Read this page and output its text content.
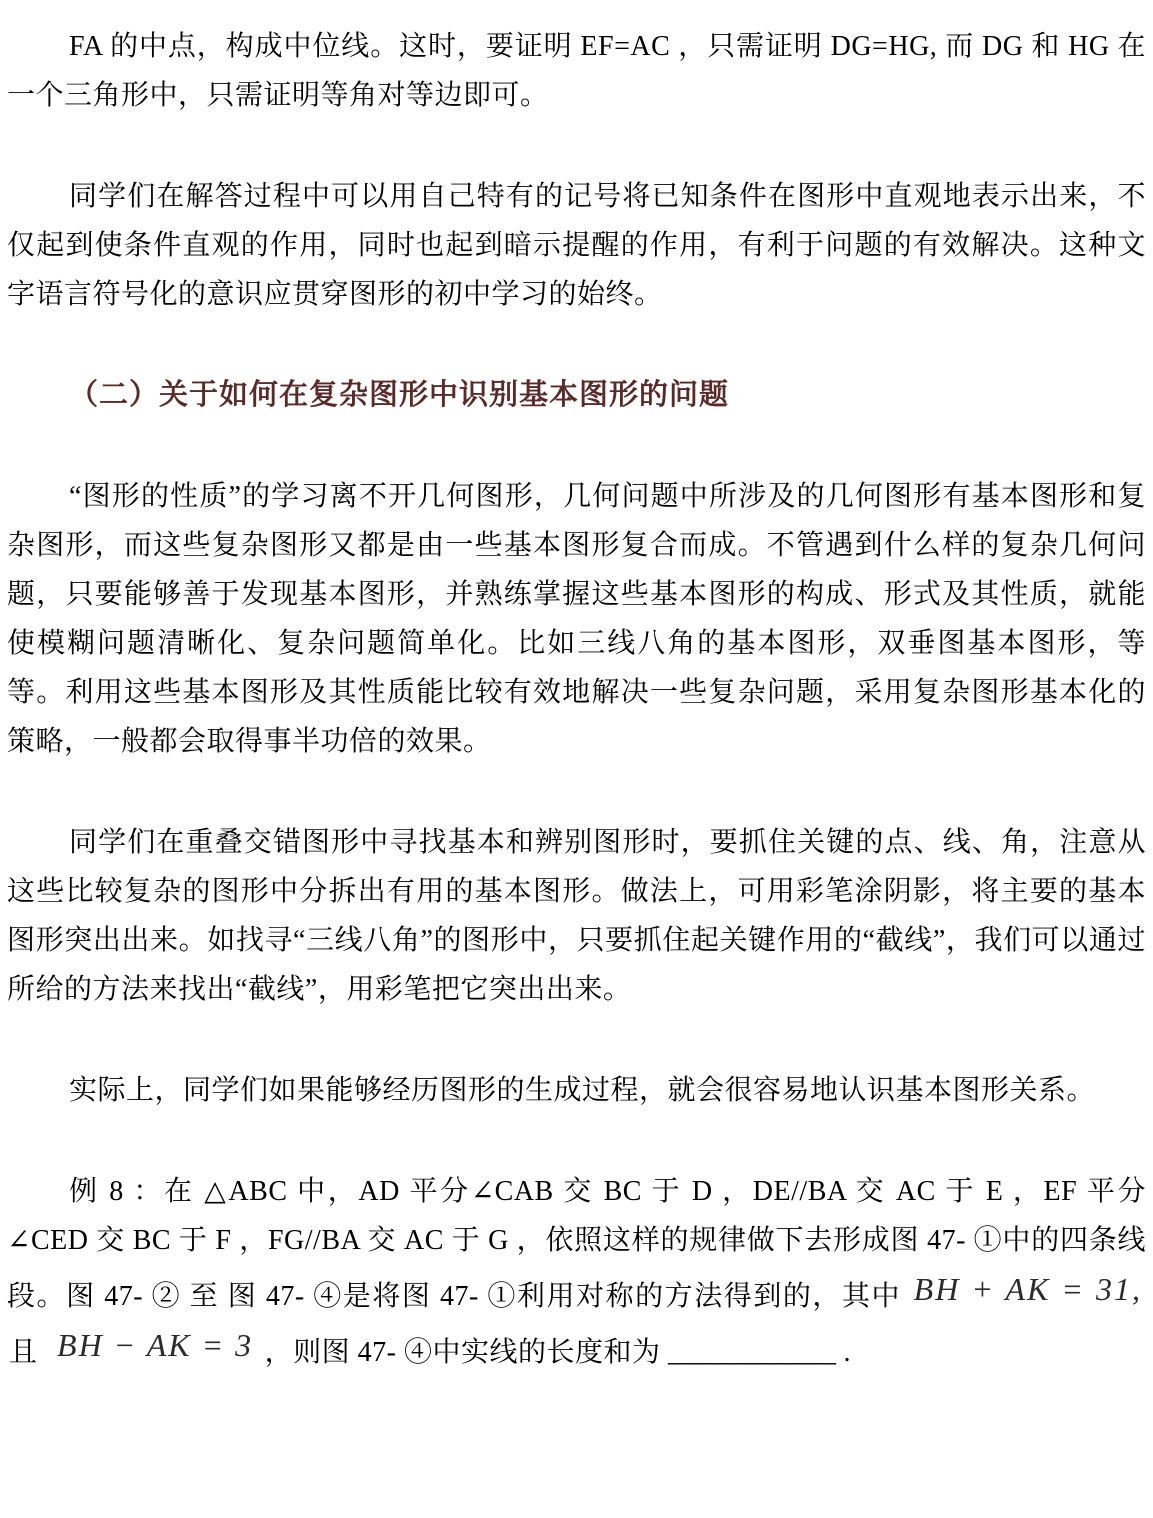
FA 的中点，构成中位线。这时，要证明 EF=AC ，只需证明 DG=HG, 而 DG 和 HG 在一个三角形中，只需证明等角对等边即可。

同学们在解答过程中可以用自己特有的记号将已知条件在图形中直观地表示出来，不仅起到使条件直观的作用，同时也起到暗示提醒的作用，有利于问题的有效解决。这种文字语言符号化的意识应贯穿图形的初中学习的始终。

（二）关于如何在复杂图形中识别基本图形的问题

“图形的性质”的学习离不开几何图形，几何问题中所涉及的几何图形有基本图形和复杂图形，而这些复杂图形又都是由一些基本图形复合而成。不管遇到什么样的复杂几何问题，只要能够善于发现基本图形，并熟练掌握这些基本图形的构成、形式及其性质，就能使模糊问题清晰化、复杂问题简单化。比如三线八角的基本图形，双垂图基本图形，等等。利用这些基本图形及其性质能比较有效地解决一些复杂问题，采用复杂图形基本化的策略，一般都会取得事半功倍的效果。

同学们在重叠交错图形中寻找基本和辨别图形时，要抓住关键的点、线、角，注意从这些比较复杂的图形中分拆出有用的基本图形。做法上，可用彩笔涂阴影，将主要的基本图形突出出来。如找寻“三线八角”的图形中，只要抓住起关键作用的“截线”，我们可以通过所给的方法来找出“截线”，用彩笔把它突出出来。

实际上，同学们如果能够经历图形的生成过程，就会很容易地认识基本图形关系。

例 8 ：在 △ABC 中，AD 平分∠CAB 交 BC 于 D ，DE//BA 交 AC 于 E ，EF 平分∠CED 交 BC 于 F ，FG//BA 交 AC 于 G ，依照这样的规律做下去形成图 47- ①中的四条线段。图 47- ② 至 图 47- ④是将图 47- ①利用对称的方法得到的，其中 BH + AK = 31, 且 BH − AK = 3 ，则图 47- ④中实线的长度和为 ____________ .
